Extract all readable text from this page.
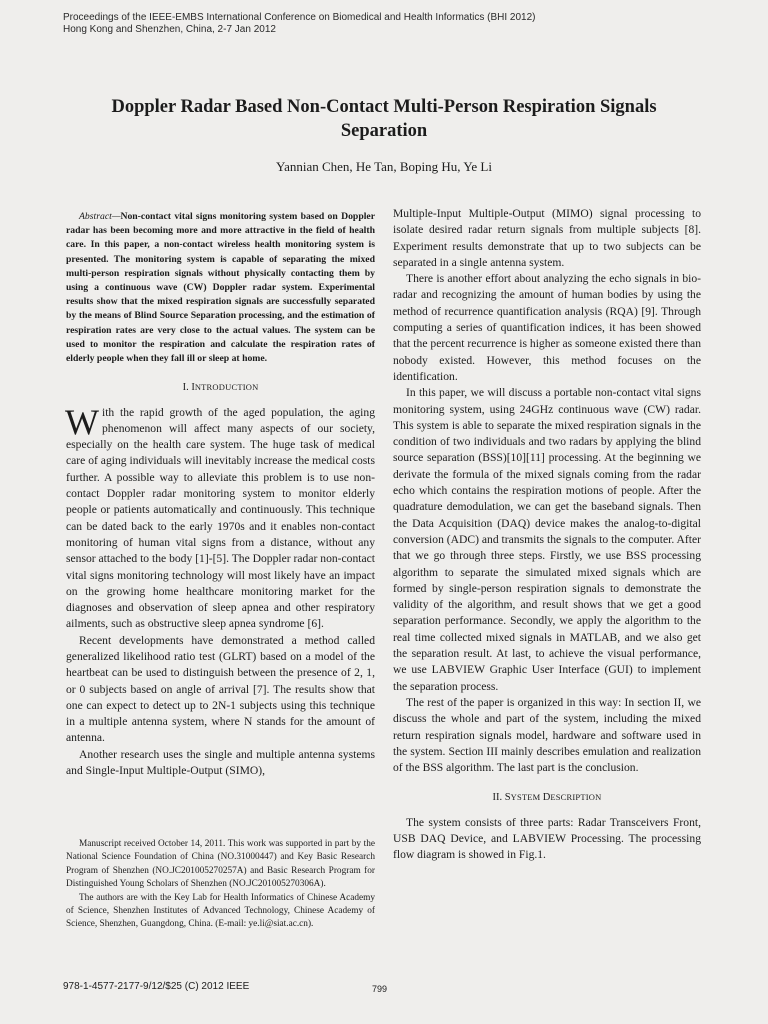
Proceedings of the IEEE-EMBS International Conference on Biomedical and Health Informatics (BHI 2012)
Hong Kong and Shenzhen, China, 2-7 Jan 2012
Doppler Radar Based Non-Contact Multi-Person Respiration Signals
Separation
Yannian Chen, He Tan, Boping Hu, Ye Li

Abstract—Non-contact vital signs monitoring system based on Doppler radar has been becoming more and more attractive in the field of health care. In this paper, a non-contact wireless health monitoring system is presented. The monitoring system is capable of separating the mixed multi-person respiration signals without physically contacting them by using a continuous wave (CW) Doppler radar system. Experimental results show that the mixed respiration signals are successfully separated by the means of Blind Source Separation processing, and the estimation of respiration rates are very close to the actual values. The system can be used to monitor the respiration and calculate the respiration rates of elderly people when they fall ill or sleep at home.

I. INTRODUCTION

With the rapid growth of the aged population, the aging phenomenon will affect many aspects of our society, especially on the health care system. The huge task of medical care of aging individuals will inevitably increase the medical costs further. A possible way to alleviate this problem is to use non-contact Doppler radar monitoring system to monitor elderly people or patients automatically and continuously. This technique can be dated back to the early 1970s and it enables non-contact monitoring of human vital signs from a distance, without any sensor attached to the body [1]-[5]. The Doppler radar non-contact vital signs monitoring technology will most likely have an impact on the growing home healthcare monitoring market for the diagnoses and observation of sleep apnea and other respiratory ailments, such as obstructive sleep apnea syndrome [6].

Recent developments have demonstrated a method called generalized likelihood ratio test (GLRT) based on a model of the heartbeat can be used to distinguish between the presence of 2, 1, or 0 subjects based on angle of arrival [7]. The results show that one can expect to detect up to 2N-1 subjects using this technique in a multiple antenna system, where N stands for the amount of antenna.

Another research uses the single and multiple antenna systems and Single-Input Multiple-Output (SIMO),

Multiple-Input Multiple-Output (MIMO) signal processing to isolate desired radar return signals from multiple subjects [8]. Experiment results demonstrate that up to two subjects can be separated in a single antenna system.

There is another effort about analyzing the echo signals in bio-radar and recognizing the amount of human bodies by using the method of recurrence quantification analysis (RQA) [9]. Through computing a series of quantification indices, it has been showed that the percent recurrence is higher as someone existed there than nobody existed. However, this method focuses on the identification.

In this paper, we will discuss a portable non-contact vital signs monitoring system, using 24GHz continuous wave (CW) radar. This system is able to separate the mixed respiration signals in the condition of two individuals and two radars by applying the blind source separation (BSS)[10][11] processing. At the beginning we derivate the formula of the mixed signals coming from the radar echo which contains the respiration motions of people. After the quadrature demodulation, we can get the baseband signals. Then the Data Acquisition (DAQ) device makes the analog-to-digital conversion (ADC) and transmits the signals to the computer. After that we go through three steps. Firstly, we use BSS processing algorithm to separate the simulated mixed signals which are formed by single-person respiration signals to demonstrate the validity of the algorithm, and result shows that we get a good separation performance. Secondly, we apply the algorithm to the real time collected mixed signals in MATLAB, and we also get the separation result. At last, to achieve the visual performance, we use LABVIEW Graphic User Interface (GUI) to implement the separation process.

The rest of the paper is organized in this way: In section II, we discuss the whole and part of the system, including the mixed return respiration signals model, hardware and software used in the system. Section III mainly describes emulation and realization of the BSS algorithm. The last part is the conclusion.

II. SYSTEM DESCRIPTION

The system consists of three parts: Radar Transceivers Front, USB DAQ Device, and LABVIEW Processing. The processing flow diagram is showed in Fig.1.

Manuscript received October 14, 2011. This work was supported in part by the National Science Foundation of China (NO.31000447) and Key Basic Research Program of Shenzhen (NO.JC201005270257A) and Basic Research Program for Distinguished Young Scholars of Shenzhen (NO.JC201005270306A).

The authors are with the Key Lab for Health Informatics of Chinese Academy of Science, Shenzhen Institutes of Advanced Technology, Chinese Academy of Science, Shenzhen, Guangdong, China. (E-mail: ye.li@siat.ac.cn).

978-1-4577-2177-9/12/$25 (C) 2012 IEEE	799
